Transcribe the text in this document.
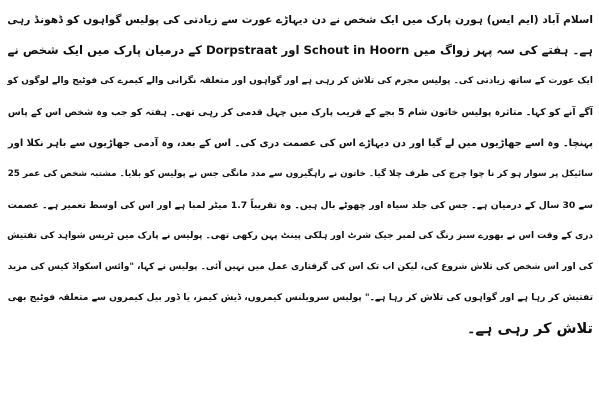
اسلام آباد (ایم ایس) ہورن پارک میں ایک شخص نے دن دیہاڑے عورت سے زیادتی کی پولیس گواہوں کو ڈھونڈ رہی
ہے۔ ہفتے کی سہ پہر زواگ میں Schout in Hoorn اور Dorpstraat کے درمیان پارک میں ایک شخص نے
ایک عورت کے ساتھ زیادتی کی۔ پولیس مجرم کی تلاش کر رہی ہے اور گواہوں اور متعلقہ نگرانی والے کیمرے کی فوٹیج والے لوگوں کو
آگے آنے کو کہا۔ متاثرہ پولیس خاتون شام 5 بجے کے قریب پارک میں چہل قدمی کر رہی تھی۔ ہفتہ کو جب وہ شخص اس کے پاس
پہنچا۔ وہ اسے جھاڑیوں میں لے گیا اور دن دیہاڑے اس کی عصمت دری کی۔ اس کے بعد، وہ آدمی جھاڑیوں سے باہر نکلا اور
سائیکل پر سوار ہو کر نا چوا چرچ کی طرف چلا گیا۔ خاتون نے راہگیروں سے مدد مانگی جس نے پولیس کو بلایا۔ مشتبہ شخص کی عمر 25
سے 30 سال کے درمیان ہے۔ جس کی جلد سیاہ اور چھوٹے بال ہیں۔ وہ تقریباً 1.7 میٹر لمبا ہے اور اس کی اوسط تعمیر ہے۔ عصمت
دری کے وقت اس نے بھورے سبز رنگ کی لمبر جیک شرٹ اور ہلکی پینٹ پہن رکھی تھی۔ پولیس نے پارک میں ٹریس شواہد کی تفتیش
کی اور اس شخص کی تلاش شروع کی، لیکن اب تک اس کی گرفتاری عمل میں نہیں آئی۔ پولیس نے کہا، "وائس اسکواڈ کیس کی مزید
تفتیش کر رہا ہے اور گواہوں کی تلاش کر رہا ہے۔" پولیس سرویلنس کیمروں، ڈیش کیمز، یا ڈور بیل کیمروں سے متعلقہ فوٹیج بھی
تلاش کر رہی ہے۔
